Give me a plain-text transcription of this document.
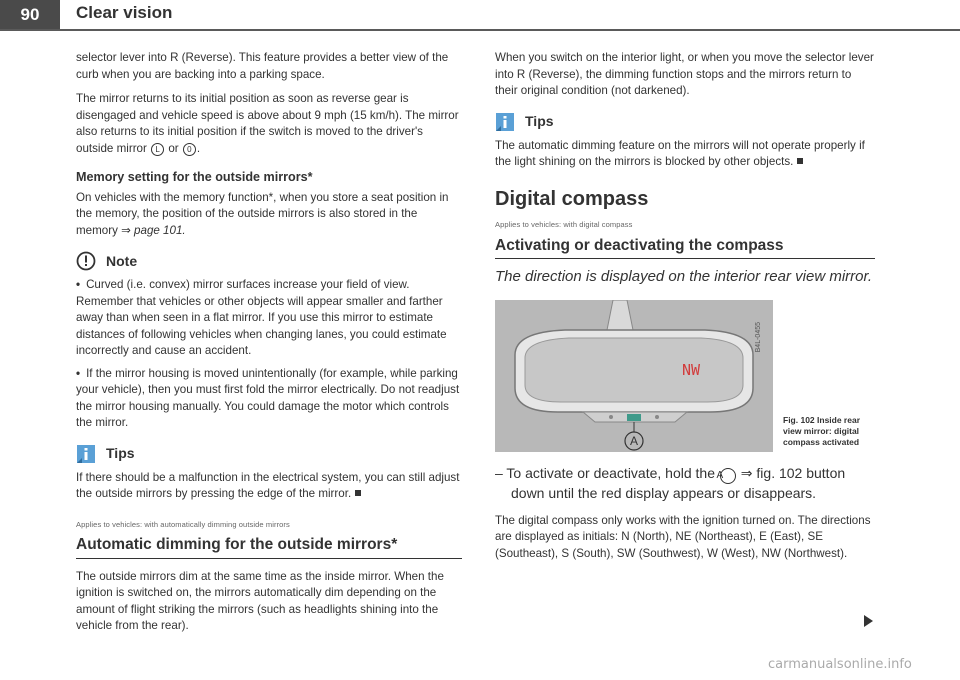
90	Clear vision

selector lever into R (Reverse). This feature provides a better view of the curb when you are backing into a parking space.

The mirror returns to its initial position as soon as reverse gear is disengaged and vehicle speed is above about 9 mph (15 km/h). The mirror also returns to its initial position if the switch is moved to the driver's outside mirror L or 0 .

Memory setting for the outside mirrors*

On vehicles with the memory function*, when you store a seat position in the memory, the position of the outside mirrors is also stored in the memory ⇒ page 101.

Note

• Curved (i.e. convex) mirror surfaces increase your field of view. Remember that vehicles or other objects will appear smaller and farther away than when seen in a flat mirror. If you use this mirror to estimate distances of following vehicles when changing lanes, you could estimate incorrectly and cause an accident.

• If the mirror housing is moved unintentionally (for example, while parking your vehicle), then you must first fold the mirror electrically. Do not readjust the mirror housing manually. You could damage the motor which controls the mirror.

Tips

If there should be a malfunction in the electrical system, you can still adjust the outside mirrors by pressing the edge of the mirror.

Applies to vehicles: with automatically dimming outside mirrors
Automatic dimming for the outside mirrors*

The outside mirrors dim at the same time as the inside mirror. When the ignition is switched on, the mirrors automatically dim depending on the amount of flight striking the mirrors (such as headlights shining into the vehicle from the rear).

When you switch on the interior light, or when you move the selector lever into R (Reverse), the dimming function stops and the mirrors return to their original condition (not darkened).

Tips

The automatic dimming feature on the mirrors will not operate properly if the light shining on the mirrors is blocked by other objects.

Digital compass
Applies to vehicles: with digital compass
Activating or deactivating the compass
The direction is displayed on the interior rear view mirror.
A
NW
B4L-0455
Fig. 102 Inside rear view mirror: digital compass activated
– To activate or deactivate, hold the A ⇒ fig. 102 button down until the red display appears or disappears.

The digital compass only works with the ignition turned on. The directions are displayed as initials: N (North), NE (Northeast), E (East), SE (Southeast), S (South), SW (Southwest), W (West), NW (Northwest).

carmanualsonline.info
